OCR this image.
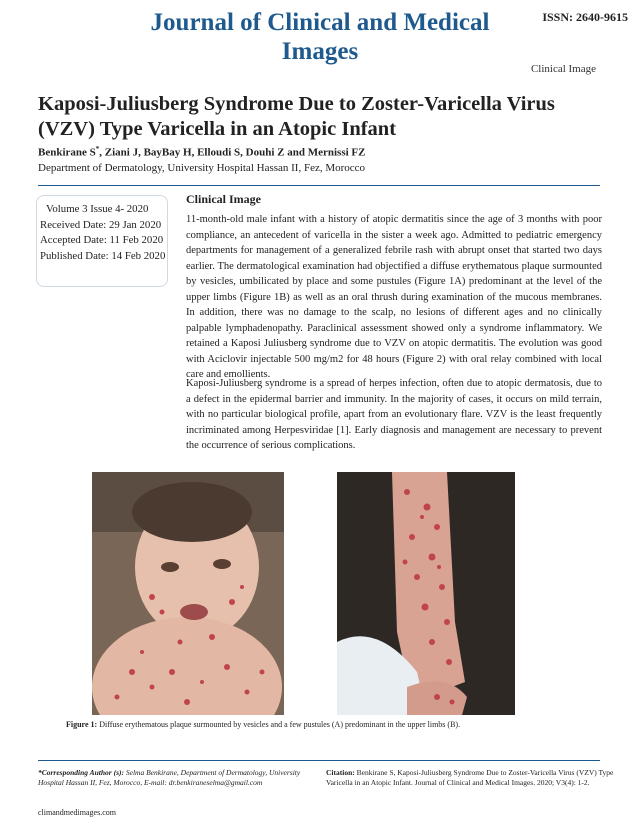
Journal of Clinical and Medical Images
ISSN: 2640-9615
Clinical Image
Kaposi-Juliusberg Syndrome Due to Zoster-Varicella Virus (VZV) Type Varicella in an Atopic Infant
Benkirane S*, Ziani J, BayBay H, Elloudi S, Douhi Z and Mernissi FZ
Department of Dermatology, University Hospital Hassan II, Fez, Morocco
Volume 3 Issue 4- 2020
Received Date: 29 Jan 2020
Accepted Date: 11 Feb 2020
Published Date: 14 Feb 2020
Clinical Image

11-month-old male infant with a history of atopic dermatitis since the age of 3 months with poor compliance, an antecedent of varicella in the sister a week ago. Admitted to pediatric emergency departments for management of a generalized febrile rash with abrupt onset that started two days earlier. The dermatological examination had objectified a diffuse erythematous plaque surmounted by vesicles, umbilicated by place and some pustules (Figure 1A) predominant at the level of the upper limbs (Figure 1B) as well as an oral thrush during examination of the mucous membranes. In addition, there was no damage to the scalp, no lesions of different ages and no clinically palpable lymphadenopathy. Paraclinical assessment showed only a syndrome inflammatory. We retained a Kaposi Juliusberg syndrome due to VZV on atopic dermatitis. The evolution was good with Aciclovir injectable 500 mg/m2 for 48 hours (Figure 2) with oral relay combined with local care and emollients.

Kaposi-Juliusberg syndrome is a spread of herpes infection, often due to atopic dermatosis, due to a defect in the epidermal barrier and immunity. In the majority of cases, it occurs on mild terrain, with no particular biological profile, apart from an evolutionary flare. VZV is the least frequently incriminated among Herpesviridae [1]. Early diagnosis and management are necessary to prevent the occurrence of serious complications.

Figure 1: Diffuse erythematous plaque surmounted by vesicles and a few pustules (A) predominant in the upper limbs (B).
*Corresponding Author (s): Selma Benkirane, Department of Dermatology, University Hospital Hassan II, Fez, Morocco, E-mail: dr.benkiraneselma@gmail.com
Citation: Benkirane S, Kaposi-Juliusberg Syndrome Due to Zoster-Varicella Virus (VZV) Type Varicella in an Atopic Infant. Journal of Clinical and Medical Images. 2020; V3(4): 1-2.
climandmedimages.com
